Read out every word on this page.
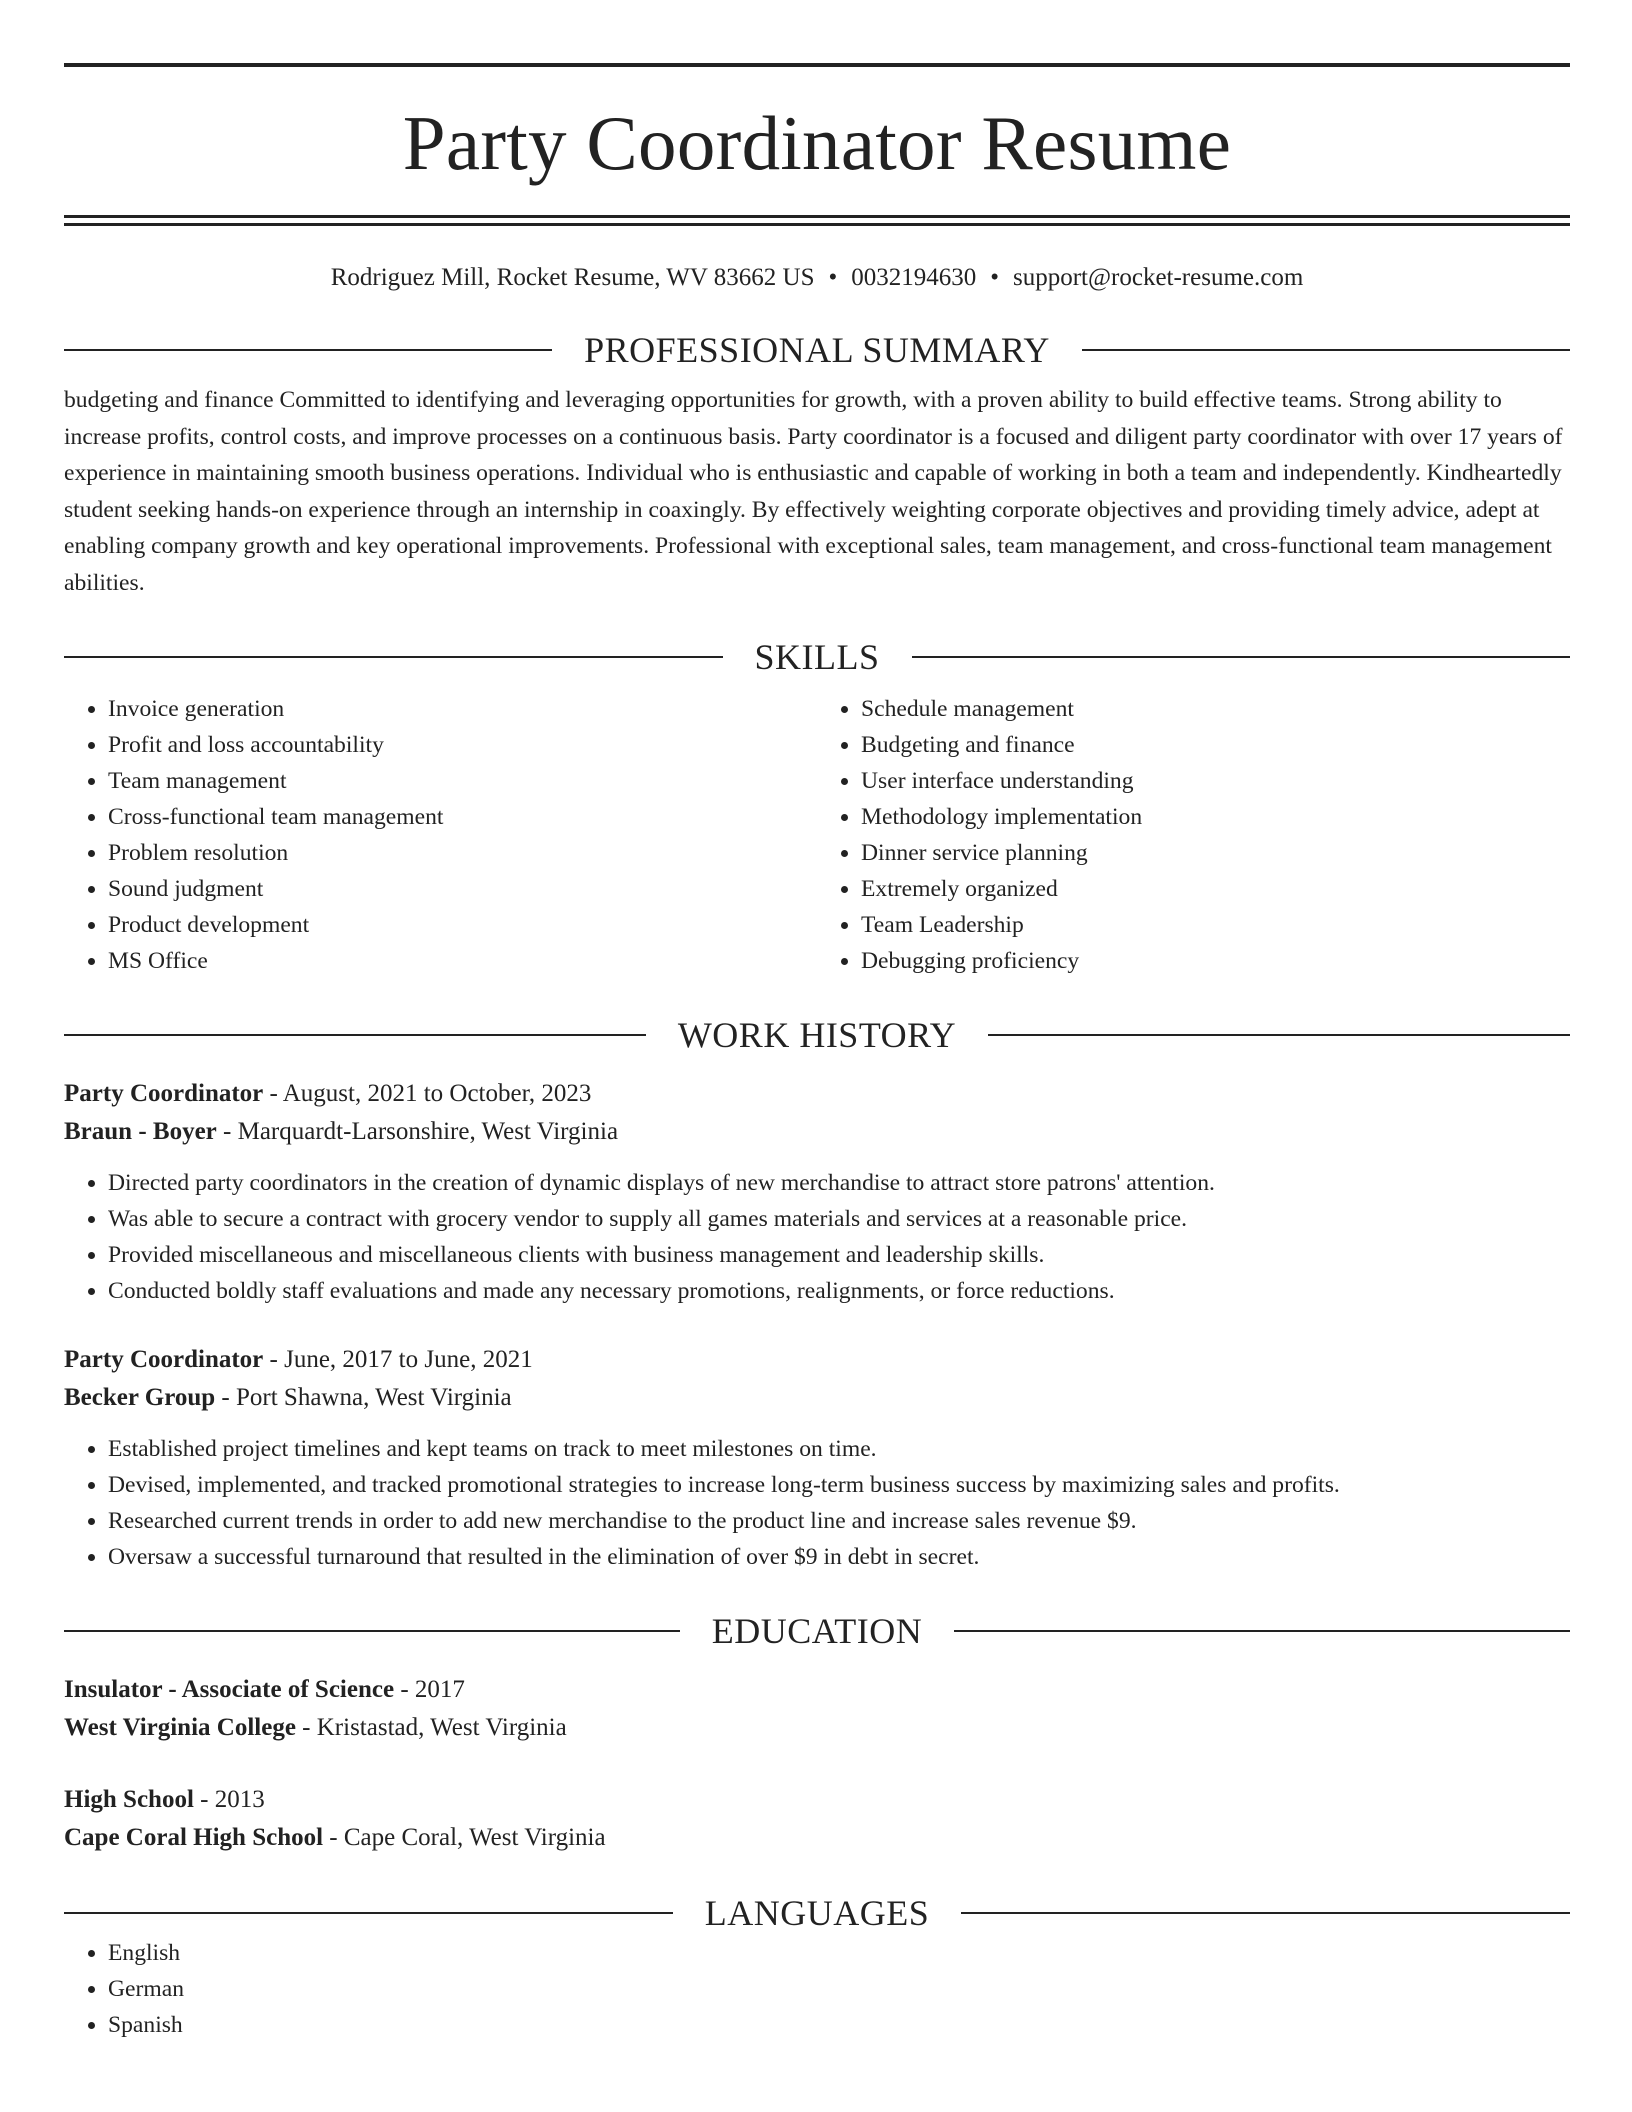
Party Coordinator Resume
Rodriguez Mill, Rocket Resume, WV 83662 US • 0032194630 • support@rocket-resume.com
PROFESSIONAL SUMMARY
budgeting and finance Committed to identifying and leveraging opportunities for growth, with a proven ability to build effective teams. Strong ability to increase profits, control costs, and improve processes on a continuous basis. Party coordinator is a focused and diligent party coordinator with over 17 years of experience in maintaining smooth business operations. Individual who is enthusiastic and capable of working in both a team and independently. Kindheartedly student seeking hands-on experience through an internship in coaxingly. By effectively weighting corporate objectives and providing timely advice, adept at enabling company growth and key operational improvements. Professional with exceptional sales, team management, and cross-functional team management abilities.
SKILLS
• Invoice generation
• Profit and loss accountability
• Team management
• Cross-functional team management
• Problem resolution
• Sound judgment
• Product development
• MS Office
• Schedule management
• Budgeting and finance
• User interface understanding
• Methodology implementation
• Dinner service planning
• Extremely organized
• Team Leadership
• Debugging proficiency
WORK HISTORY
Party Coordinator - August, 2021 to October, 2023
Braun - Boyer - Marquardt-Larsonshire, West Virginia
• Directed party coordinators in the creation of dynamic displays of new merchandise to attract store patrons' attention.
• Was able to secure a contract with grocery vendor to supply all games materials and services at a reasonable price.
• Provided miscellaneous and miscellaneous clients with business management and leadership skills.
• Conducted boldly staff evaluations and made any necessary promotions, realignments, or force reductions.
Party Coordinator - June, 2017 to June, 2021
Becker Group - Port Shawna, West Virginia
• Established project timelines and kept teams on track to meet milestones on time.
• Devised, implemented, and tracked promotional strategies to increase long-term business success by maximizing sales and profits.
• Researched current trends in order to add new merchandise to the product line and increase sales revenue $9.
• Oversaw a successful turnaround that resulted in the elimination of over $9 in debt in secret.
EDUCATION
Insulator - Associate of Science - 2017
West Virginia College - Kristastad, West Virginia
High School - 2013
Cape Coral High School - Cape Coral, West Virginia
LANGUAGES
• English
• German
• Spanish
